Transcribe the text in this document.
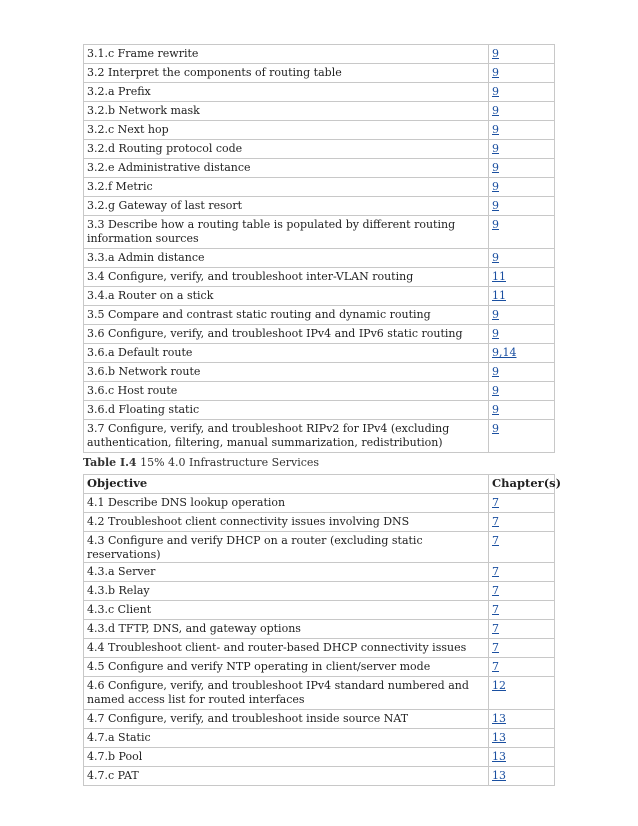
3.1.c Frame rewrite	9
3.2 Interpret the components of routing table	9
3.2.a Prefix	9
3.2.b Network mask	9
3.2.c Next hop	9
3.2.d Routing protocol code	9
3.2.e Administrative distance	9
3.2.f Metric	9
3.2.g Gateway of last resort	9
3.3 Describe how a routing table is populated by different routing information sources	9
3.3.a Admin distance	9
3.4 Configure, verify, and troubleshoot inter-VLAN routing	11
3.4.a Router on a stick	11
3.5 Compare and contrast static routing and dynamic routing	9
3.6 Configure, verify, and troubleshoot IPv4 and IPv6 static routing	9
3.6.a Default route	9,14
3.6.b Network route	9
3.6.c Host route	9
3.6.d Floating static	9
3.7 Configure, verify, and troubleshoot RIPv2 for IPv4 (excluding authentication, filtering, manual summarization, redistribution)	9
Table I.4 15% 4.0 Infrastructure Services
Objective	Chapter(s)
4.1 Describe DNS lookup operation	7
4.2 Troubleshoot client connectivity issues involving DNS	7
4.3 Configure and verify DHCP on a router (excluding static reservations)	7
4.3.a Server	7
4.3.b Relay	7
4.3.c Client	7
4.3.d TFTP, DNS, and gateway options	7
4.4 Troubleshoot client- and router-based DHCP connectivity issues	7
4.5 Configure and verify NTP operating in client/server mode	7
4.6 Configure, verify, and troubleshoot IPv4 standard numbered and named access list for routed interfaces	12
4.7 Configure, verify, and troubleshoot inside source NAT	13
4.7.a Static	13
4.7.b Pool	13
4.7.c PAT	13
